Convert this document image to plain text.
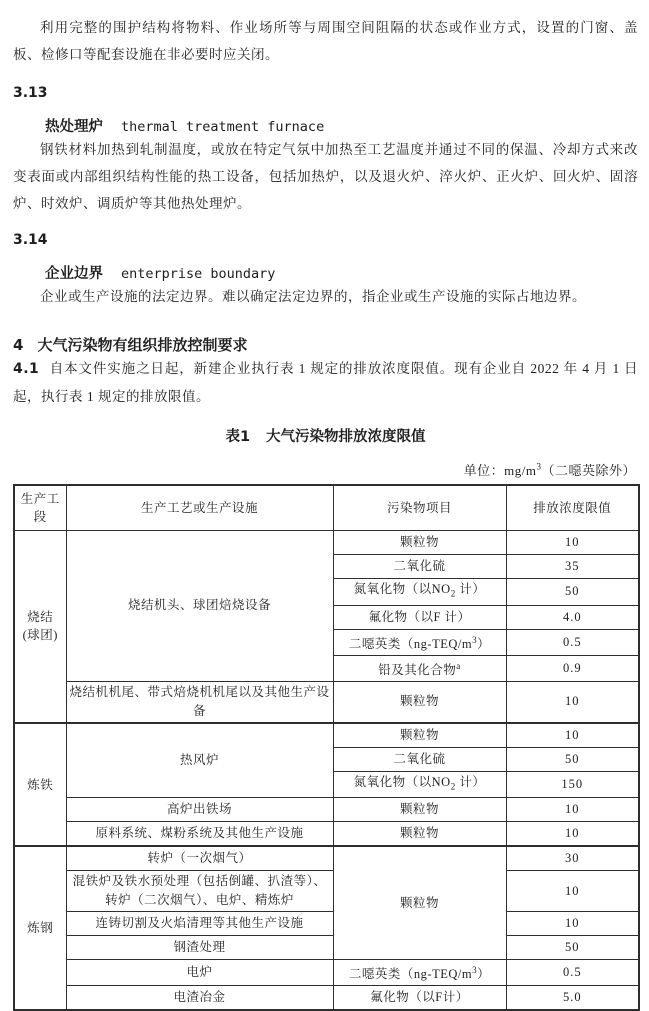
利用完整的围护结构将物料、作业场所等与周围空间阻隔的状态或作业方式，设置的门窗、盖板、检修口等配套设施在非必要时应关闭。

3.13
热处理炉 thermal treatment furnace

钢铁材料加热到轧制温度，或放在特定气氛中加热至工艺温度并通过不同的保温、冷却方式来改变表面或内部组织结构性能的热工设备，包括加热炉，以及退火炉、淬火炉、正火炉、回火炉、固溶炉、时效炉、调质炉等其他热处理炉。

3.14
企业边界 enterprise boundary

企业或生产设施的法定边界。难以确定法定边界的，指企业或生产设施的实际占地边界。

4 大气污染物有组织排放控制要求

4.1 自本文件实施之日起，新建企业执行表 1 规定的排放浓度限值。现有企业自 2022 年 4 月 1 日起，执行表 1 规定的排放限值。

表1 大气污染物排放浓度限值
单位：$mg/m^3$（二噁英除外）
生产工段	生产工艺或生产设施	污染物项目	排放浓度限值

烧结
(球团)	烧结机头、球团焙烧设备	颗粒物	10
		二氧化硫	35
		氮氧化物（以$NO_2$ 计）	50
		氟化物（以F 计）	4.0
		二噁英类$(ng-TEQ/m^3)$	0.5
		铅及其化合物$^a$	0.9
	烧结机机尾、带式焙烧机机尾以及其他生产设备	颗粒物	10

炼铁	热风炉	颗粒物	10
		二氧化硫	50
		氮氧化物（以$NO_2$ 计）	150
	高炉出铁场	颗粒物	10
	原料系统、煤粉系统及其他生产设施	颗粒物	10

炼钢	转炉（一次烟气）	颗粒物	30
	混铁炉及铁水预处理（包括倒罐、扒渣等）、转炉（二次烟气）、电炉、精炼炉		10
	连铸切割及火焰清理等其他生产设施		10
	钢渣处理		50
	电炉	二噁英类$(ng-TEQ/m^3)$	0.5
	电渣冶金	氟化物（以F计）	5.0
